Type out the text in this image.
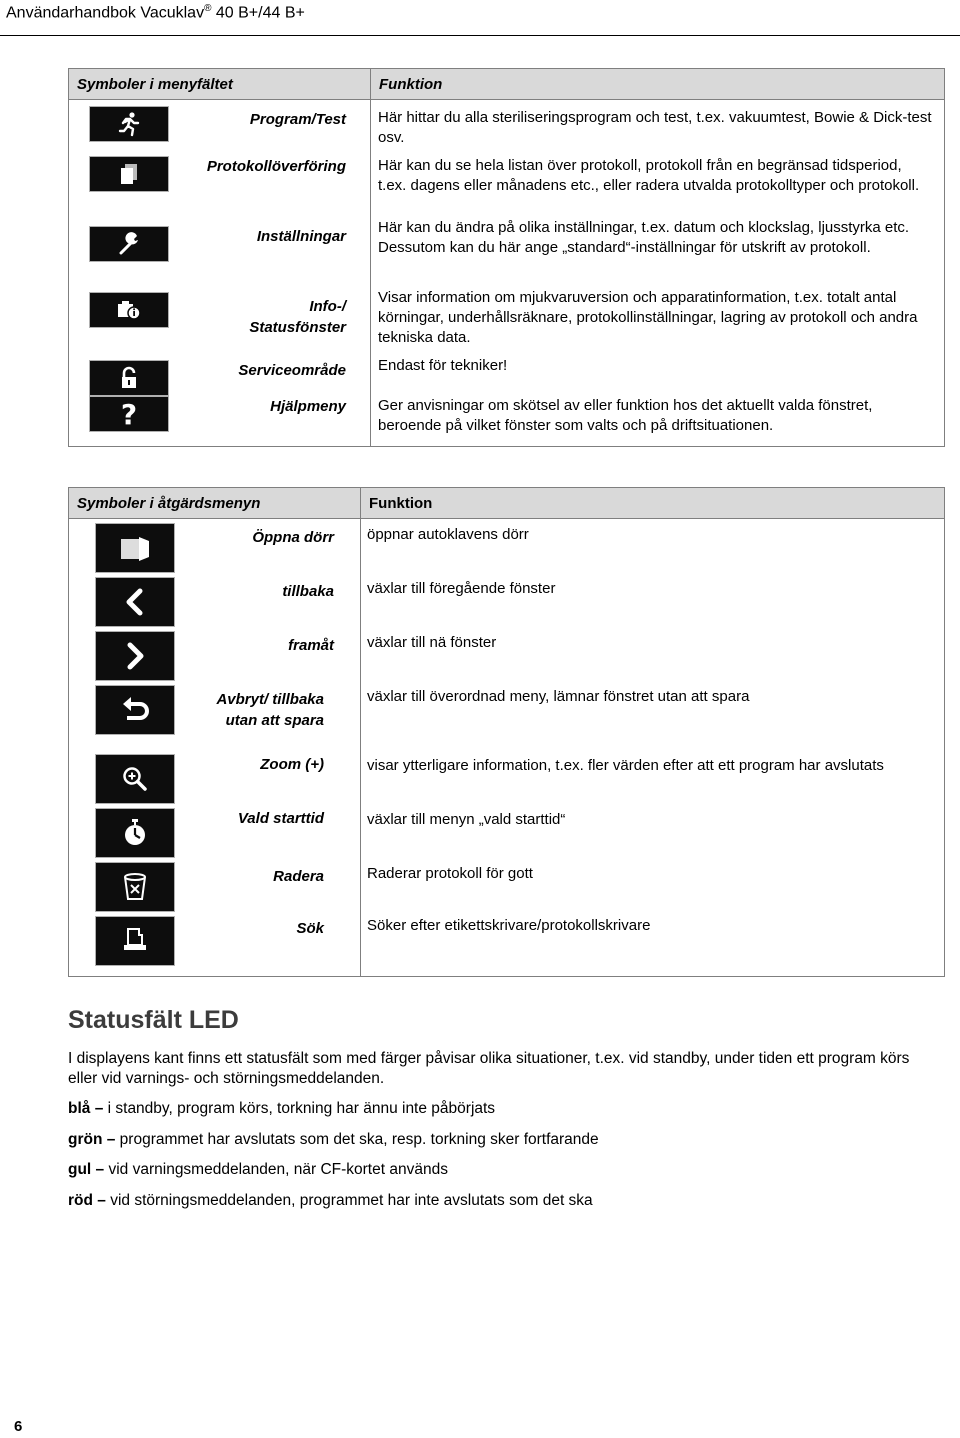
Användarhandbok Vacuklav® 40 B+/44 B+
Symboler i menyfältet	Funktion

Program/Test	Här hittar du alla steriliseringsprogram och test, t.ex. vakuumtest, Bowie & Dick-test osv.

Protokollöverföring	Här kan du se hela listan över protokoll, protokoll från en begränsad tidsperiod, t.ex. dagens eller månadens etc., eller radera utvalda protokolltyper och protokoll.

Inställningar	Här kan du ändra på olika inställningar, t.ex. datum och klockslag, ljusstyrka etc. Dessutom kan du här ange „standard“-inställningar för utskrift av protokoll.

Info-/ Statusfönster	Visar information om mjukvaruversion och apparatinformation, t.ex. totalt antal körningar, underhållsräknare, protokollinställningar, lagring av protokoll och andra tekniska data.

Serviceområde	Endast för tekniker!

? Hjälpmeny	Ger anvisningar om skötsel av eller funktion hos det aktuellt valda fönstret, beroende på vilket fönster som valts och på driftsituationen.
Symboler i åtgärdsmenyn	Funktion

Öppna dörr	öppnar autoklavens dörr

tillbaka	växlar till föregående fönster

framåt	växlar till nä fönster

Avbryt/ tillbaka utan att spara	växlar till överordnad meny, lämnar fönstret utan att spara

Zoom (+)	visar ytterligare information, t.ex. fler värden efter att ett program har avslutats

Vald starttid	växlar till menyn „vald starttid“

Radera	Raderar protokoll för gott

Sök	Söker efter etikettskrivare/protokollskrivare
Statusfält LED
I displayens kant finns ett statusfält som med färger påvisar olika situationer, t.ex. vid standby, under tiden ett program körs eller vid varnings- och störningsmeddelanden.
blå – i standby, program körs, torkning har ännu inte påbörjats
grön – programmet har avslutats som det ska, resp. torkning sker fortfarande
gul – vid varningsmeddelanden, när CF-kortet används
röd – vid störningsmeddelanden, programmet har inte avslutats som det ska
6
